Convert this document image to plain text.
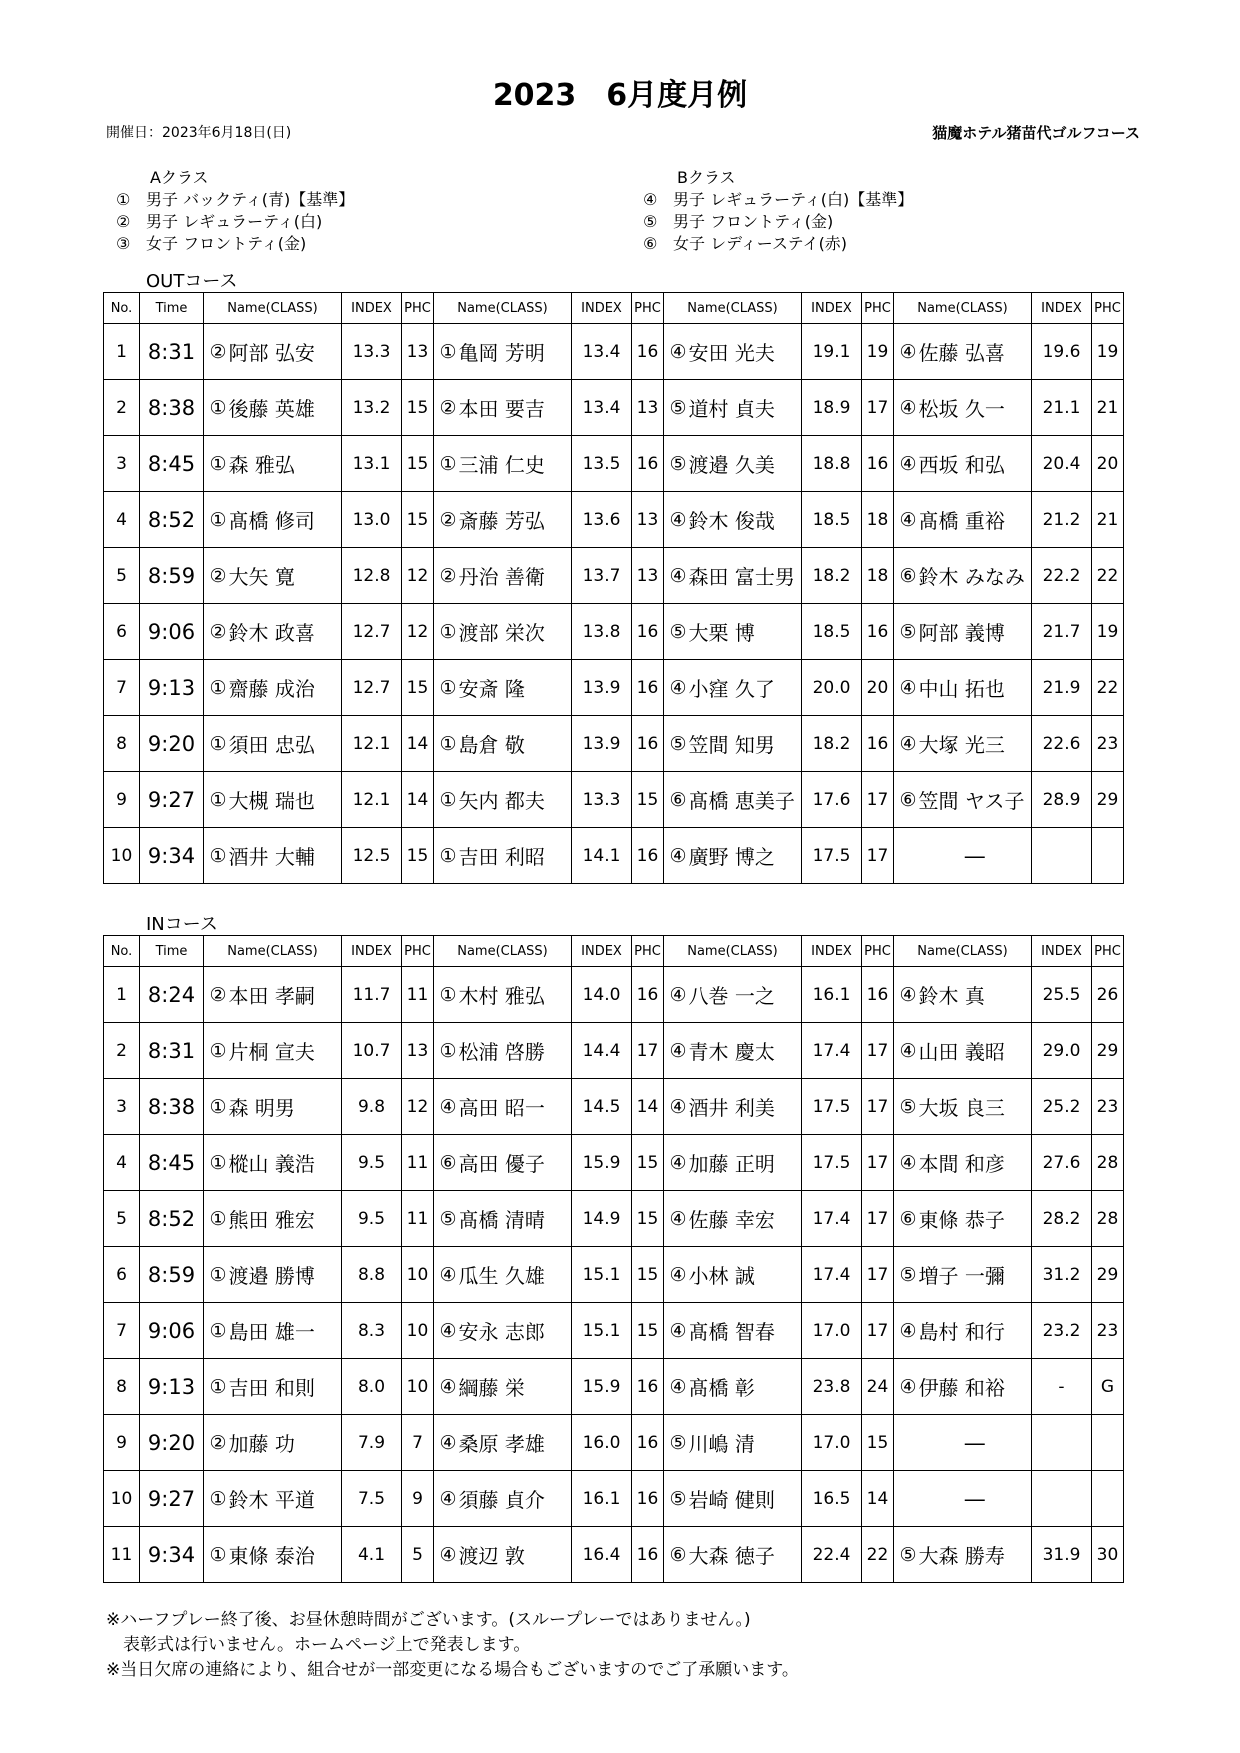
2023　6月度月例
開催日：2023年6月18日(日)	猫魔ホテル猪苗代ゴルフコース
Aクラス
① 男子 バックティ(青)【基準】
② 男子 レギュラーティ(白)
③ 女子 フロントティ(金)
Bクラス
④ 男子 レギュラーティ(白)【基準】
⑤ 男子 フロントティ(金)
⑥ 女子 レディーステイ(赤)
OUTコース
No.	Time	Name(CLASS)		INDEX	PHC	Name(CLASS)		INDEX	PHC	Name(CLASS)		INDEX	PHC	Name(CLASS)		INDEX	PHC
1	8:31	②	阿部 弘安	13.3	13	①	亀岡 芳明	13.4	16	④	安田 光夫	19.1	19	④	佐藤 弘喜	19.6	19
2	8:38	①	後藤 英雄	13.2	15	②	本田 要吉	13.4	13	⑤	道村 貞夫	18.9	17	④	松坂 久一	21.1	21
3	8:45	①	森 雅弘	13.1	15	①	三浦 仁史	13.5	16	⑤	渡邉 久美	18.8	16	④	西坂 和弘	20.4	20
4	8:52	①	髙橋 修司	13.0	15	②	斎藤 芳弘	13.6	13	④	鈴木 俊哉	18.5	18	④	髙橋 重裕	21.2	21
5	8:59	②	大矢 寛	12.8	12	②	丹治 善衛	13.7	13	④	森田 富士男	18.2	18	⑥	鈴木 みなみ	22.2	22
6	9:06	②	鈴木 政喜	12.7	12	①	渡部 栄次	13.8	16	⑤	大栗 博	18.5	16	⑤	阿部 義博	21.7	19
7	9:13	①	齋藤 成治	12.7	15	①	安斎 隆	13.9	16	④	小窪 久了	20.0	20	④	中山 拓也	21.9	22
8	9:20	①	須田 忠弘	12.1	14	①	島倉 敬	13.9	16	⑤	笠間 知男	18.2	16	④	大塚 光三	22.6	23
9	9:27	①	大槻 瑞也	12.1	14	①	矢内 都夫	13.3	15	⑥	髙橋 恵美子	17.6	17	⑥	笠間 ヤス子	28.9	29
10	9:34	①	酒井 大輔	12.5	15	①	吉田 利昭	14.1	16	④	廣野 博之	17.5	17		―		
INコース
No.	Time	Name(CLASS)		INDEX	PHC	Name(CLASS)		INDEX	PHC	Name(CLASS)		INDEX	PHC	Name(CLASS)		INDEX	PHC
1	8:24	②	本田 孝嗣	11.7	11	①	木村 雅弘	14.0	16	④	八巻 一之	16.1	16	④	鈴木 真	25.5	26
2	8:31	①	片桐 宣夫	10.7	13	①	松浦 啓勝	14.4	17	④	青木 慶太	17.4	17	④	山田 義昭	29.0	29
3	8:38	①	森 明男	9.8	12	④	高田 昭一	14.5	14	④	酒井 利美	17.5	17	⑤	大坂 良三	25.2	23
4	8:45	①	樅山 義浩	9.5	11	⑥	高田 優子	15.9	15	④	加藤 正明	17.5	17	④	本間 和彦	27.6	28
5	8:52	①	熊田 雅宏	9.5	11	⑤	髙橋 清晴	14.9	15	④	佐藤 幸宏	17.4	17	⑥	東條 恭子	28.2	28
6	8:59	①	渡邉 勝博	8.8	10	④	瓜生 久雄	15.1	15	④	小林 誠	17.4	17	⑤	増子 一彌	31.2	29
7	9:06	①	島田 雄一	8.3	10	④	安永 志郎	15.1	15	④	髙橋 智春	17.0	17	④	島村 和行	23.2	23
8	9:13	①	吉田 和則	8.0	10	④	綱藤 栄	15.9	16	④	髙橋 彰	23.8	24	④	伊藤 和裕	-	G
9	9:20	②	加藤 功	7.9	7	④	桑原 孝雄	16.0	16	⑤	川嶋 清	17.0	15		―		
10	9:27	①	鈴木 平道	7.5	9	④	須藤 貞介	16.1	16	⑤	岩崎 健則	16.5	14		―		
11	9:34	①	東條 泰治	4.1	5	④	渡辺 敦	16.4	16	⑥	大森 徳子	22.4	22	⑤	大森 勝寿	31.9	30
※ハーフプレー終了後、お昼休憩時間がございます。(スループレーではありません。)
　表彰式は行いません。ホームページ上で発表します。
※当日欠席の連絡により、組合せが一部変更になる場合もございますのでご了承願います。
